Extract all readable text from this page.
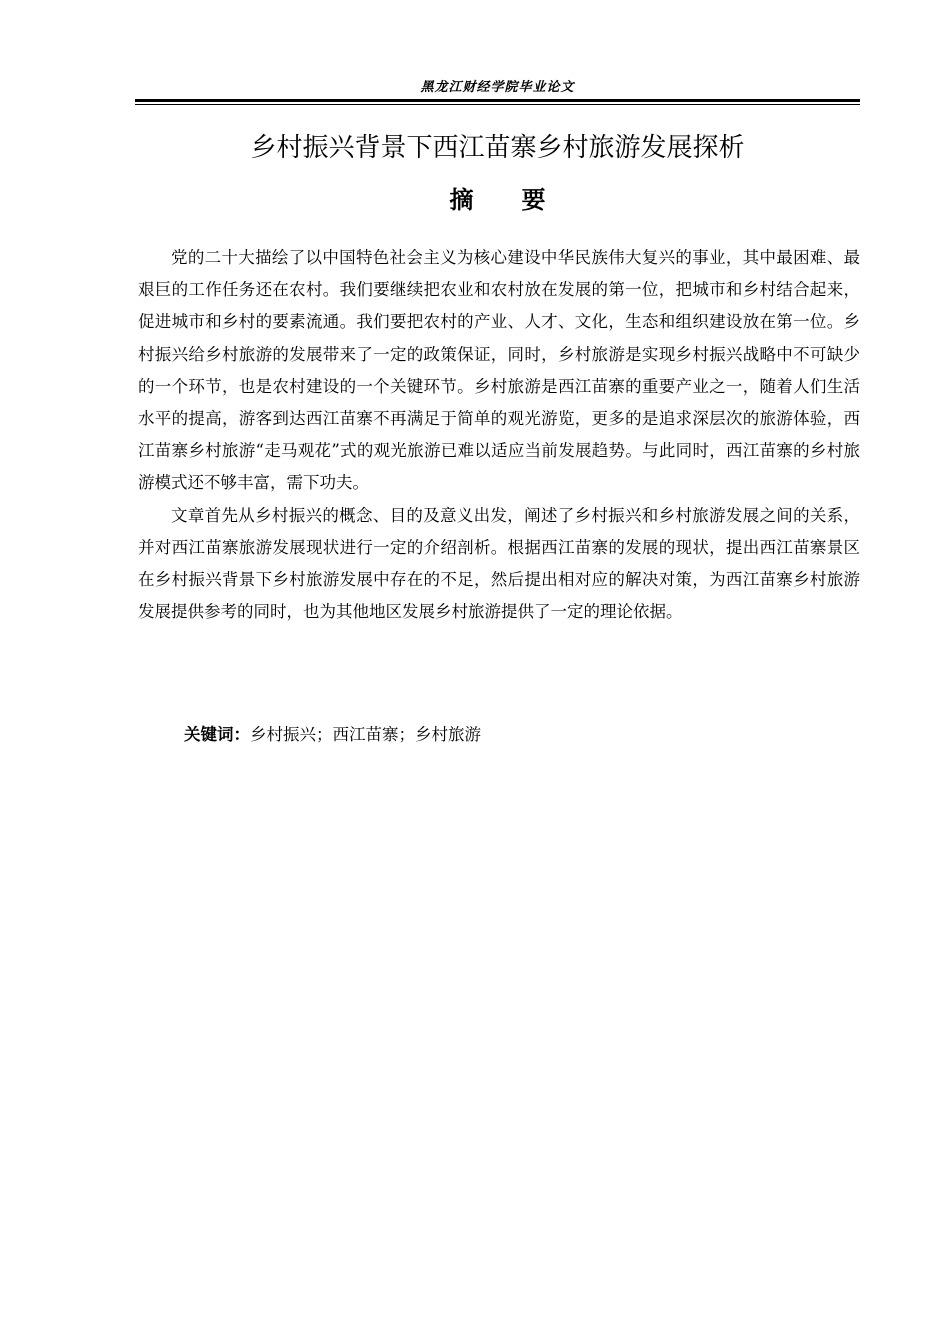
黑龙江财经学院毕业论文
乡村振兴背景下西江苗寨乡村旅游发展探析
摘 要

党的二十大描绘了以中国特色社会主义为核心建设中华民族伟大复兴的事业，其中最困难、最艰巨的工作任务还在农村。我们要继续把农业和农村放在发展的第一位，把城市和乡村结合起来，促进城市和乡村的要素流通。我们要把农村的产业、人才、文化，生态和组织建设放在第一位。乡村振兴给乡村旅游的发展带来了一定的政策保证，同时，乡村旅游是实现乡村振兴战略中不可缺少的一个环节，也是农村建设的一个关键环节。乡村旅游是西江苗寨的重要产业之一，随着人们生活水平的提高，游客到达西江苗寨不再满足于简单的观光游览，更多的是追求深层次的旅游体验，西江苗寨乡村旅游“走马观花”式的观光旅游已难以适应当前发展趋势。与此同时，西江苗寨的乡村旅游模式还不够丰富，需下功夫。

文章首先从乡村振兴的概念、目的及意义出发，阐述了乡村振兴和乡村旅游发展之间的关系，并对西江苗寨旅游发展现状进行一定的介绍剖析。根据西江苗寨的发展的现状，提出西江苗寨景区在乡村振兴背景下乡村旅游发展中存在的不足，然后提出相对应的解决对策，为西江苗寨乡村旅游发展提供参考的同时，也为其他地区发展乡村旅游提供了一定的理论依据。

关键词：乡村振兴；西江苗寨；乡村旅游
